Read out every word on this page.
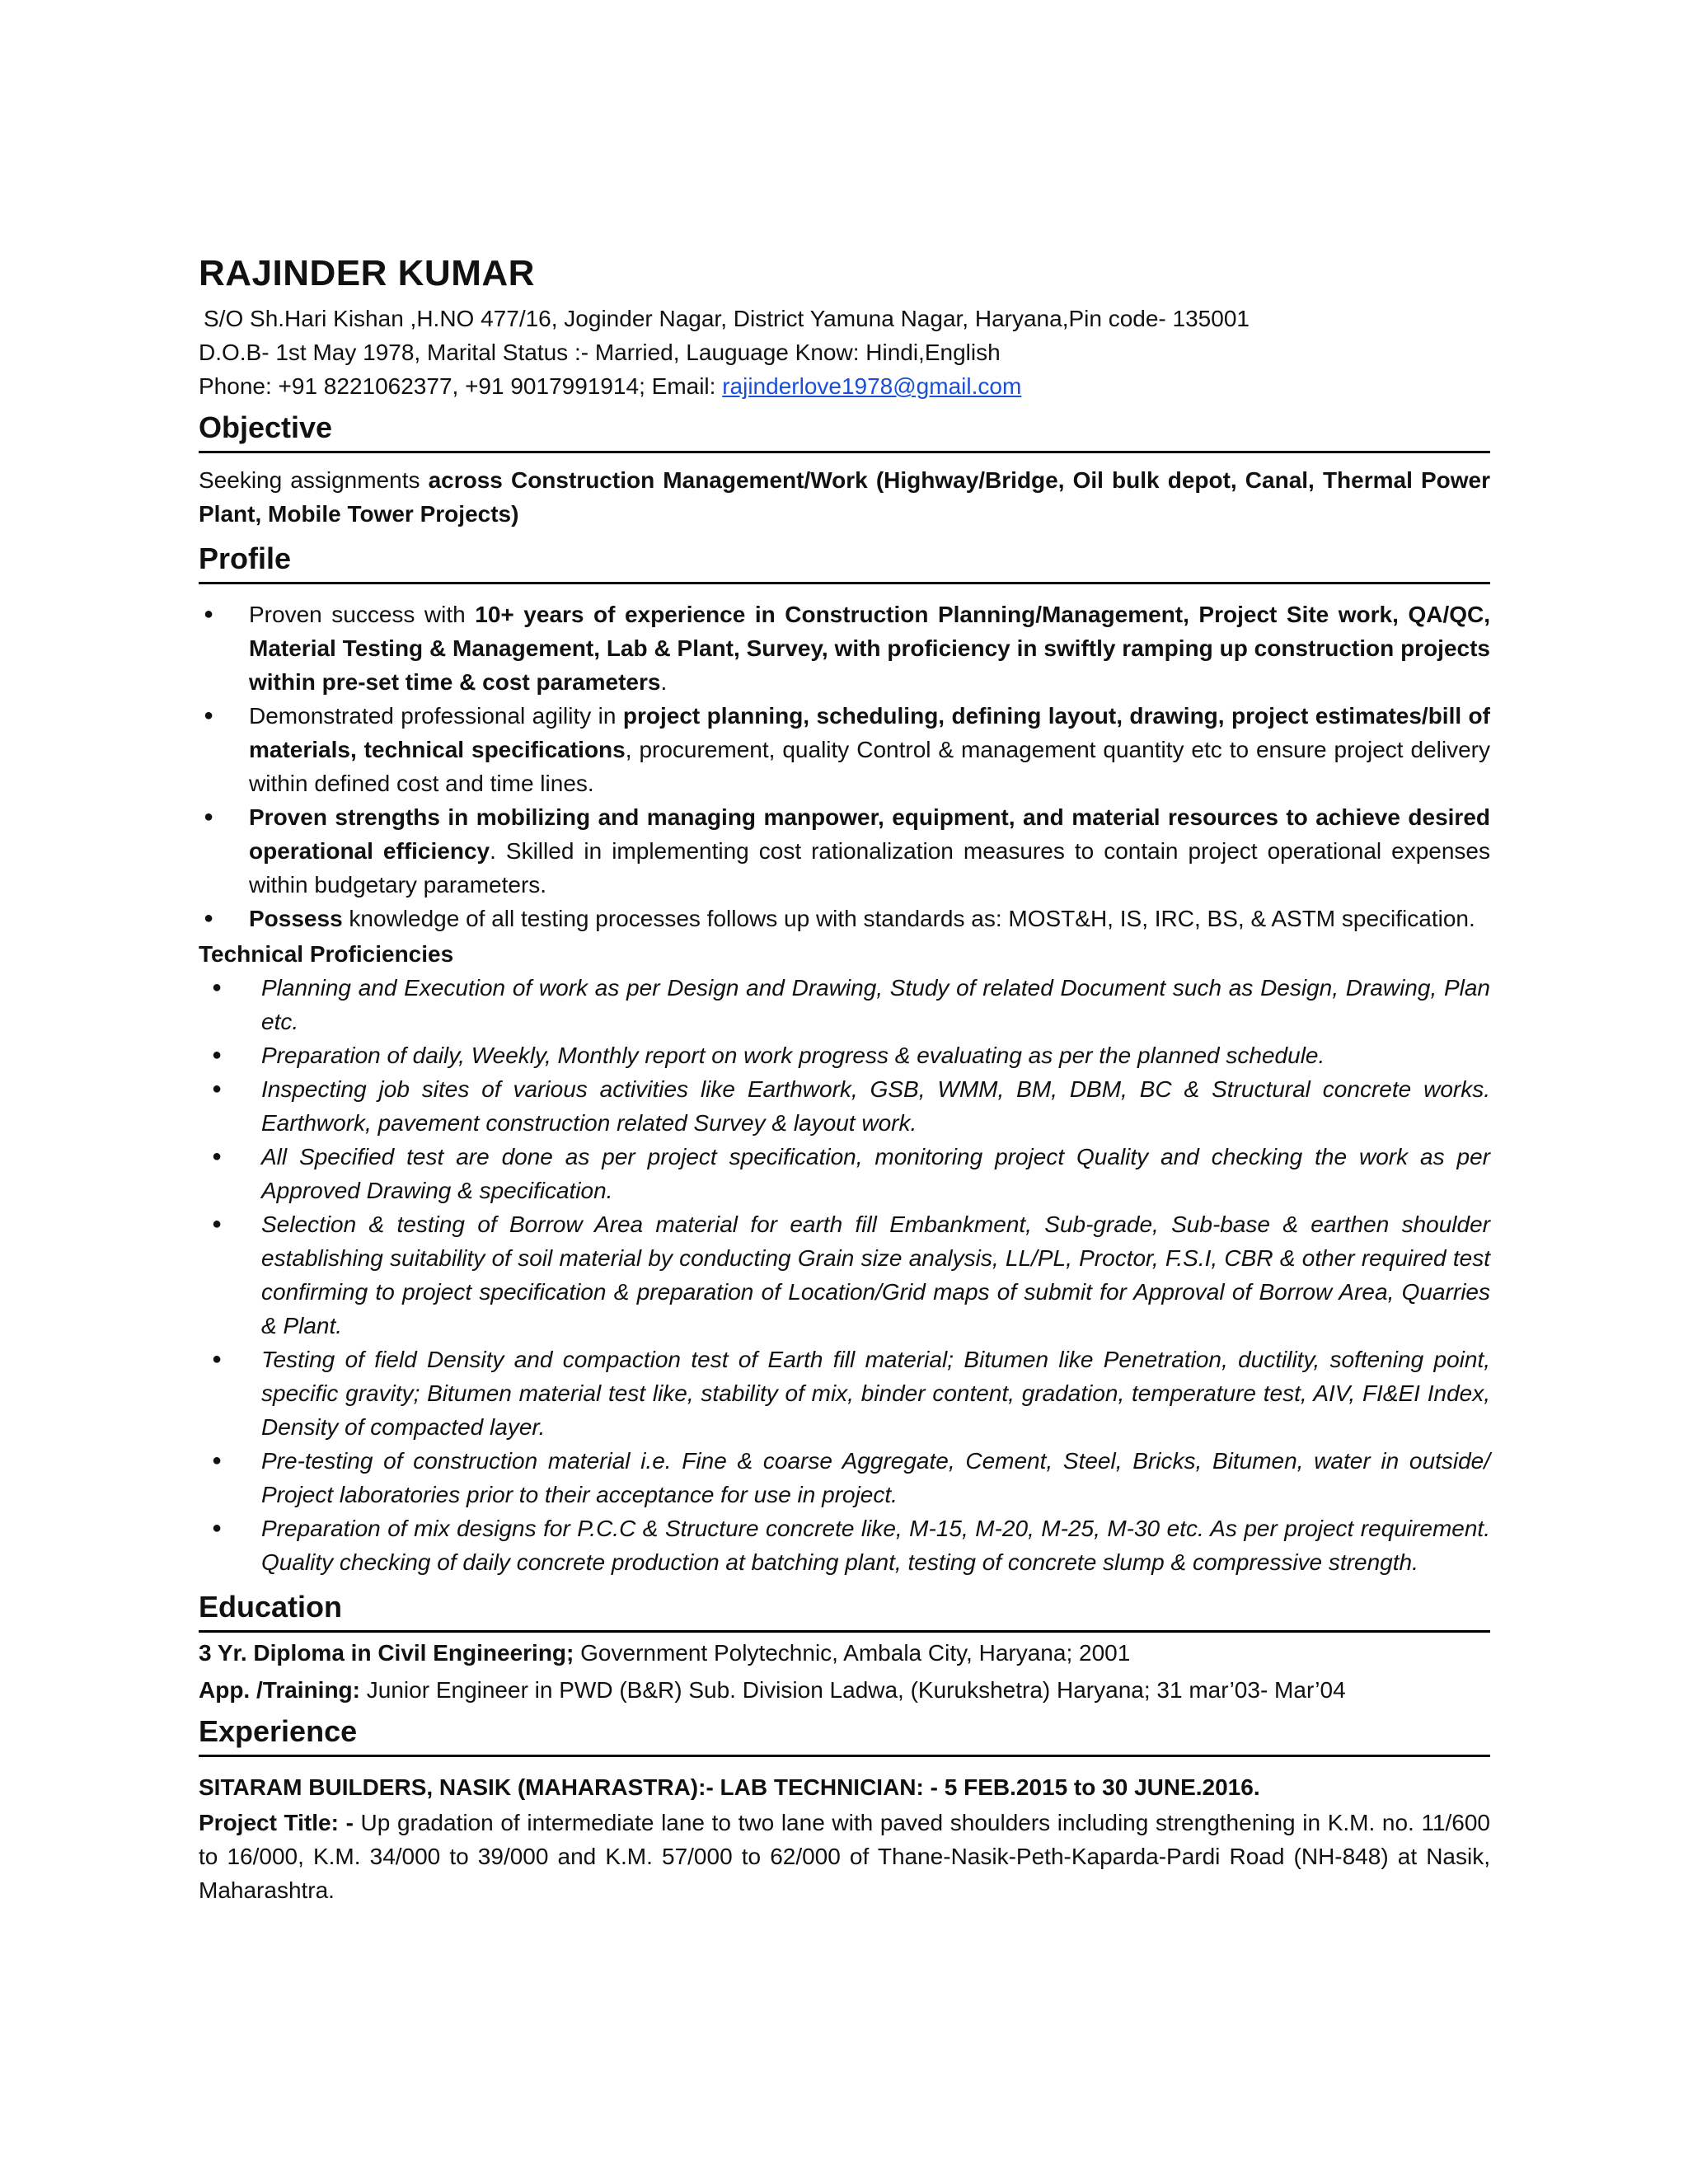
RAJINDER KUMAR

S/O Sh.Hari Kishan ,H.NO 477/16, Joginder Nagar, District Yamuna Nagar, Haryana,Pin code- 135001

D.O.B- 1st May 1978, Marital Status :- Married, Lauguage Know: Hindi,English

Phone: +91 8221062377, +91 9017991914; Email: rajinderlove1978@gmail.com

Objective

Seeking assignments across Construction Management/Work (Highway/Bridge, Oil bulk depot, Canal, Thermal Power Plant, Mobile Tower Projects)

Profile
● Proven success with 10+ years of experience in Construction Planning/Management, Project Site work, QA/QC, Material Testing & Management, Lab & Plant, Survey, with proficiency in swiftly ramping up construction projects within pre-set time & cost parameters.
● Demonstrated professional agility in project planning, scheduling, defining layout, drawing, project estimates/bill of materials, technical specifications, procurement, quality Control & management quantity etc to ensure project delivery within defined cost and time lines.
● Proven strengths in mobilizing and managing manpower, equipment, and material resources to achieve desired operational efficiency. Skilled in implementing cost rationalization measures to contain project operational expenses within budgetary parameters.
● Possess knowledge of all testing processes follows up with standards as: MOST&H, IS, IRC, BS, & ASTM specification.
Technical Proficiencies
● Planning and Execution of work as per Design and Drawing, Study of related Document such as Design, Drawing, Plan etc.
● Preparation of daily, Weekly, Monthly report on work progress & evaluating as per the planned schedule.
● Inspecting job sites of various activities like Earthwork, GSB, WMM, BM, DBM, BC & Structural concrete works. Earthwork, pavement construction related Survey & layout work.
● All Specified test are done as per project specification, monitoring project Quality and checking the work as per Approved Drawing & specification.
● Selection & testing of Borrow Area material for earth fill Embankment, Sub-grade, Sub-base & earthen shoulder establishing suitability of soil material by conducting Grain size analysis, LL/PL, Proctor, F.S.I, CBR & other required test confirming to project specification & preparation of Location/Grid maps of submit for Approval of Borrow Area, Quarries & Plant.
● Testing of field Density and compaction test of Earth fill material; Bitumen like Penetration, ductility, softening point, specific gravity; Bitumen material test like, stability of mix, binder content, gradation, temperature test, AIV, FI&EI Index, Density of compacted layer.
● Pre-testing of construction material i.e. Fine & coarse Aggregate, Cement, Steel, Bricks, Bitumen, water in outside/ Project laboratories prior to their acceptance for use in project.
● Preparation of mix designs for P.C.C & Structure concrete like, M-15, M-20, M-25, M-30 etc. As per project requirement. Quality checking of daily concrete production at batching plant, testing of concrete slump & compressive strength.
Education

3 Yr. Diploma in Civil Engineering; Government Polytechnic, Ambala City, Haryana; 2001

App. /Training: Junior Engineer in PWD (B&R) Sub. Division Ladwa, (Kurukshetra) Haryana; 31 mar’03- Mar’04

Experience

SITARAM BUILDERS, NASIK (MAHARASTRA):- LAB TECHNICIAN: - 5 FEB.2015 to 30 JUNE.2016.

Project Title: - Up gradation of intermediate lane to two lane with paved shoulders including strengthening in K.M. no. 11/600 to 16/000, K.M. 34/000 to 39/000 and K.M. 57/000 to 62/000 of Thane-Nasik-Peth-Kaparda-Pardi Road (NH-848) at Nasik, Maharashtra.
